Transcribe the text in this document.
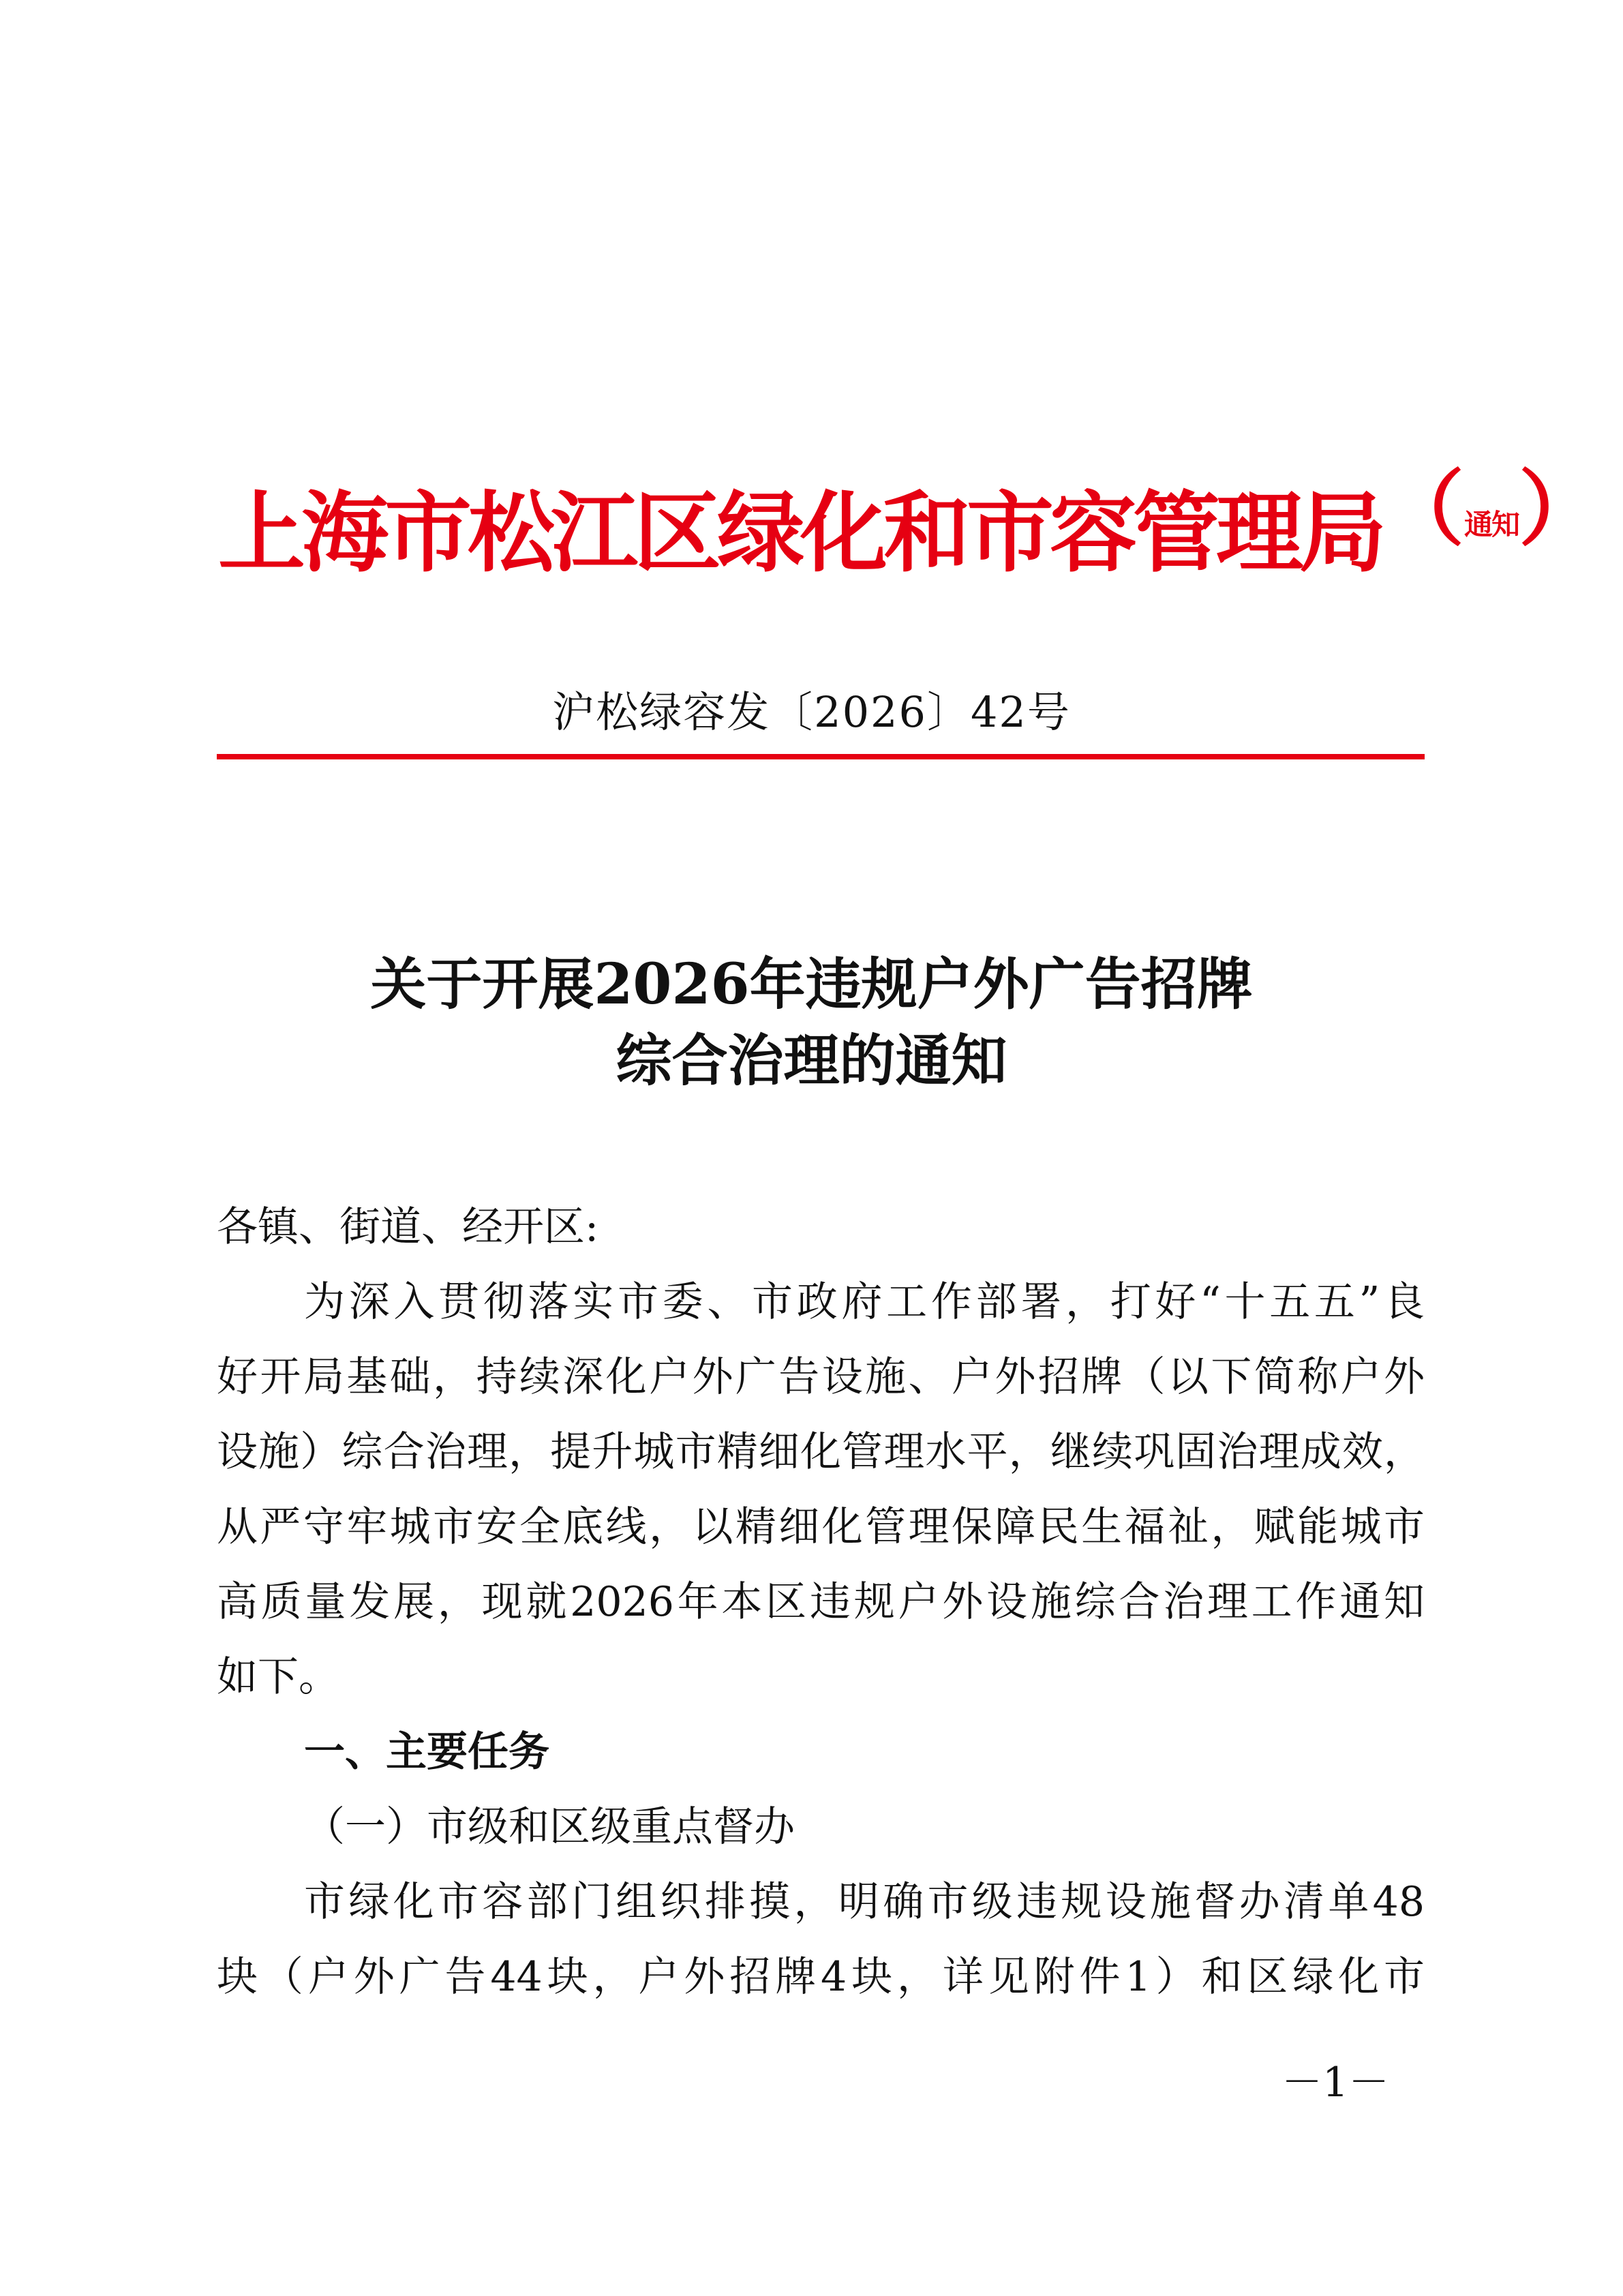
上海市松江区绿化和市容管理局（通知）
沪松绿容发〔2026〕42号
关于开展2026年违规户外广告招牌
综合治理的通知
各镇、街道、经开区:
为深入贯彻落实市委、市政府工作部署，打好“十五五”良
好开局基础，持续深化户外广告设施、户外招牌（以下简称户外
设施）综合治理，提升城市精细化管理水平，继续巩固治理成效，
从严守牢城市安全底线，以精细化管理保障民生福祉，赋能城市
高质量发展，现就2026年本区违规户外设施综合治理工作通知
如下。
一、主要任务
（一）市级和区级重点督办
市绿化市容部门组织排摸，明确市级违规设施督办清单48
块（户外广告44块，户外招牌4块，详见附件1）和区绿化市
－1－
